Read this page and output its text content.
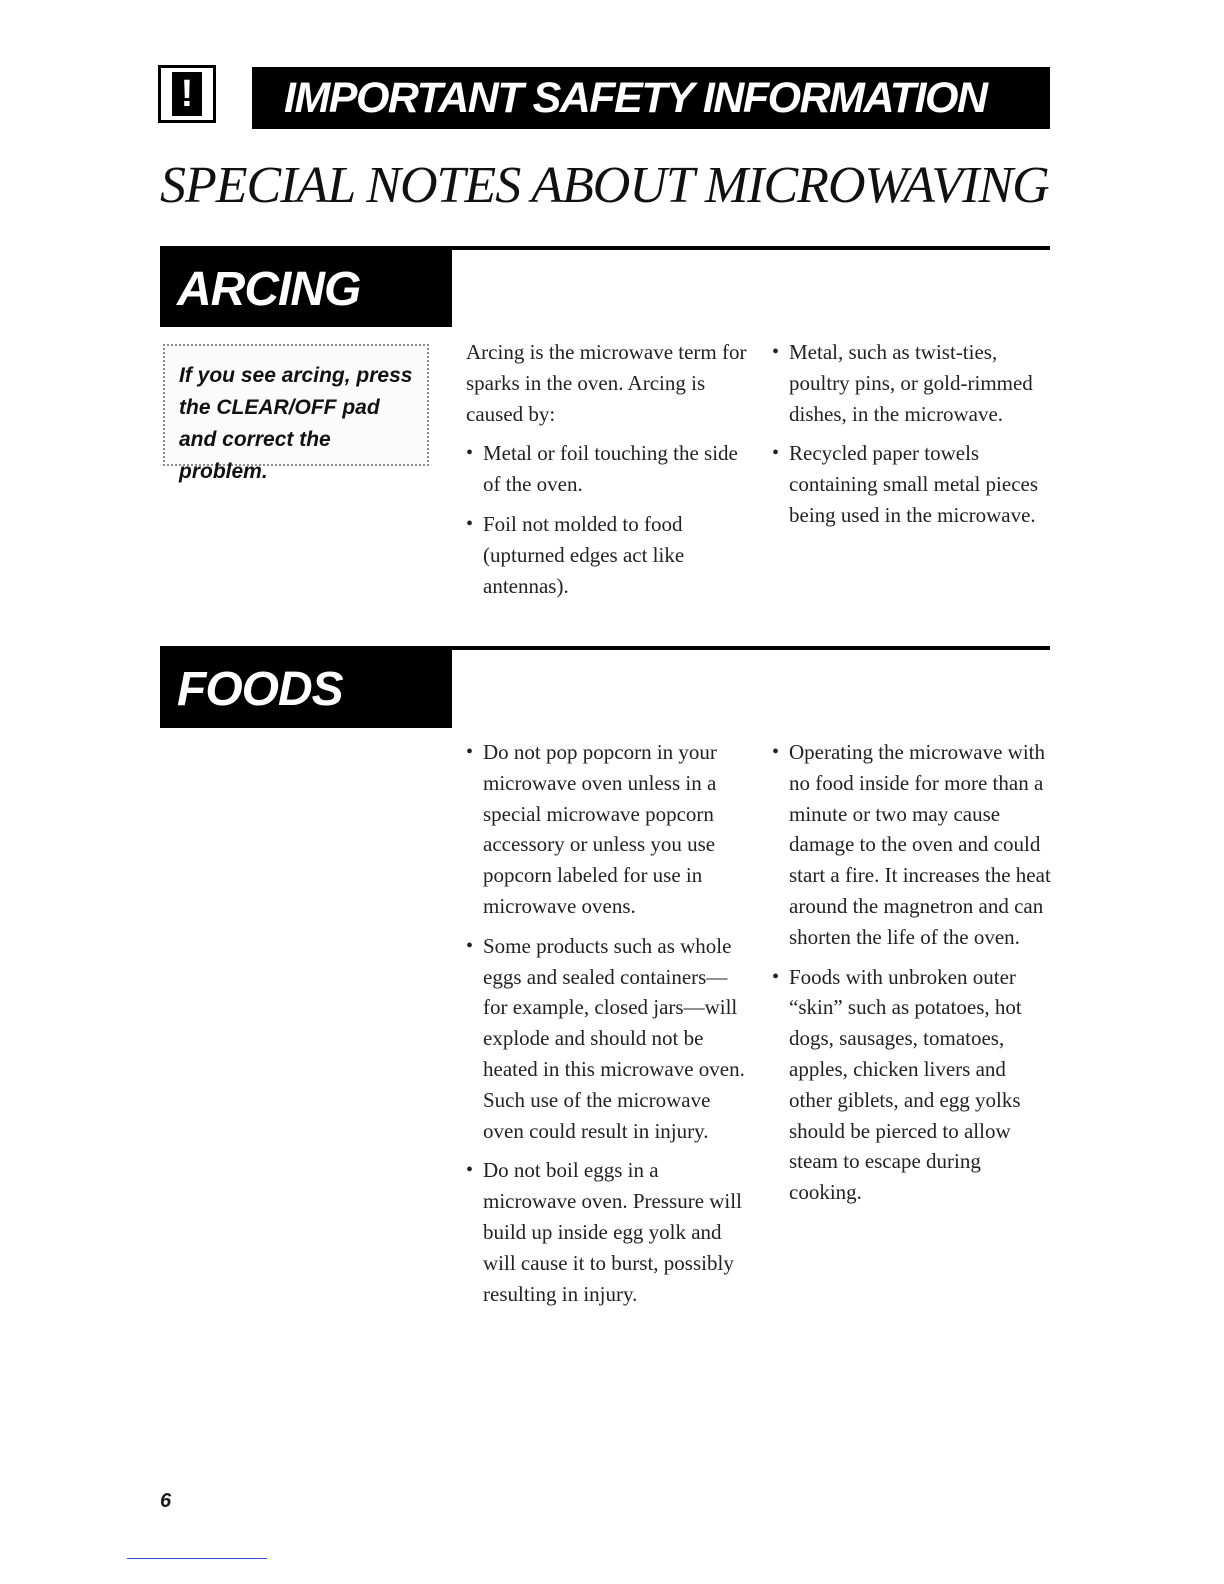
!	IMPORTANT SAFETY INFORMATION
SPECIAL NOTES ABOUT MICROWAVING
ARCING
If you see arcing, press the CLEAR/OFF pad and correct the problem.

Arcing is the microwave term for sparks in the oven. Arcing is caused by:

• Metal or foil touching the side of the oven.
• Foil not molded to food (upturned edges act like antennas).
• Metal, such as twist-ties, poultry pins, or gold-rimmed dishes, in the microwave.
• Recycled paper towels containing small metal pieces being used in the microwave.
FOODS
• Do not pop popcorn in your microwave oven unless in a special microwave popcorn accessory or unless you use popcorn labeled for use in microwave ovens.
• Some products such as whole eggs and sealed containers—for example, closed jars—will explode and should not be heated in this microwave oven. Such use of the microwave oven could result in injury.
• Do not boil eggs in a microwave oven. Pressure will build up inside egg yolk and will cause it to burst, possibly resulting in injury.
• Operating the microwave with no food inside for more than a minute or two may cause damage to the oven and could start a fire. It increases the heat around the magnetron and can shorten the life of the oven.
• Foods with unbroken outer “skin” such as potatoes, hot dogs, sausages, tomatoes, apples, chicken livers and other giblets, and egg yolks should be pierced to allow steam to escape during cooking.
6
